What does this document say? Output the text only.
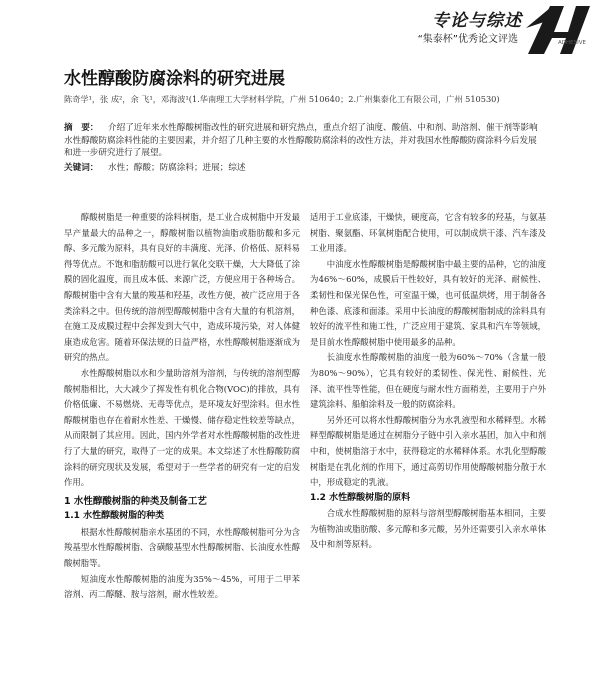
专论与综述
“集泰杯”优秀论文评选	ADHESIVE
水性醇酸防腐涂料的研究进展
陈奇学¹，张 成²，余 飞¹，邓海波¹(1.华南理工大学材料学院，广州 510640；2.广州集泰化工有限公司，广州 510530)
摘　要： 介绍了近年来水性醇酸树脂改性的研究进展和研究热点，重点介绍了油度、酸值、中和剂、助溶剂、催干剂等影响水性醇酸防腐涂料性能的主要因素，并介绍了几种主要的水性醇酸防腐涂料的改性方法，并对我国水性醇酸防腐涂料今后发展和进一步研究进行了展望。
关键词： 水性；醇酸；防腐涂料；进展；综述

醇酸树脂是一种重要的涂料树脂，是工业合成树脂中开发最早产量最大的品种之一，醇酸树脂以植物油脂或脂肪酸和多元醇、多元酸为原料，具有良好的丰满度、光泽、价格低、原料易得等优点。不饱和脂肪酸可以进行氧化交联干燥，大大降低了涂膜的固化温度，而且成本低、来源广泛，方便应用于各种场合。醇酸树脂中含有大量的羧基和羟基，改性方便，被广泛应用于各类涂料之中。但传统的溶剂型醇酸树脂中含有大量的有机溶剂，在施工及成膜过程中会挥发到大气中，造成环境污染，对人体健康造成危害。随着环保法规的日益严格，水性醇酸树脂逐渐成为研究的热点。

水性醇酸树脂以水和少量助溶剂为溶剂，与传统的溶剂型醇酸树脂相比，大大减少了挥发性有机化合物(VOC)的排放，具有价格低廉、不易燃烧、无毒等优点，是环境友好型涂料。但水性醇酸树脂也存在着耐水性差、干燥慢、储存稳定性较差等缺点，从而限制了其应用。因此，国内外学者对水性醇酸树脂的改性进行了大量的研究，取得了一定的成果。本文综述了水性醇酸防腐涂料的研究现状及发展，希望对于一些学者的研究有一定的启发作用。

1 水性醇酸树脂的种类及制备工艺
1.1 水性醇酸树脂的种类

根据水性醇酸树脂亲水基团的不同，水性醇酸树脂可分为含羧基型水性醇酸树脂、含磺酸基型水性醇酸树脂、长油度水性醇酸树脂等。

短油度水性醇酸树脂的油度为35%～45%，可用于二甲苯溶剂、丙二醇醚、胺与溶剂，耐水性较差。

适用于工业底漆，干燥快，硬度高，它含有较多的羟基，与氨基树脂、聚氨酯、环氧树脂配合使用，可以制成烘干漆、汽车漆及工业用漆。

中油度水性醇酸树脂是醇酸树脂中最主要的品种，它的油度为46%～60%，成膜后干性较好，具有较好的光泽、耐候性、柔韧性和保光保色性，可室温干燥，也可低温烘烤，用于制备各种色漆、底漆和面漆。采用中长油度的醇酸树脂制成的涂料具有较好的流平性和施工性，广泛应用于建筑、家具和汽车等领域，是目前水性醇酸树脂中使用最多的品种。

长油度水性醇酸树脂的油度一般为60%～70%（含量一般为80%～90%），它具有较好的柔韧性、保光性、耐候性、光泽、流平性等性能，但在硬度与耐水性方面稍差，主要用于户外建筑涂料、船舶涂料及一般的防腐涂料。

另外还可以将水性醇酸树脂分为水乳液型和水稀释型。水稀释型醇酸树脂是通过在树脂分子链中引入亲水基团，加入中和剂中和，使树脂溶于水中，获得稳定的水稀释体系。水乳化型醇酸树脂是在乳化剂的作用下，通过高剪切作用使醇酸树脂分散于水中，形成稳定的乳液。

1.2 水性醇酸树脂的原料

合成水性醇酸树脂的原料与溶剂型醇酸树脂基本相同，主要为植物油或脂肪酸、多元醇和多元酸，另外还需要引入亲水单体及中和剂等原料。
